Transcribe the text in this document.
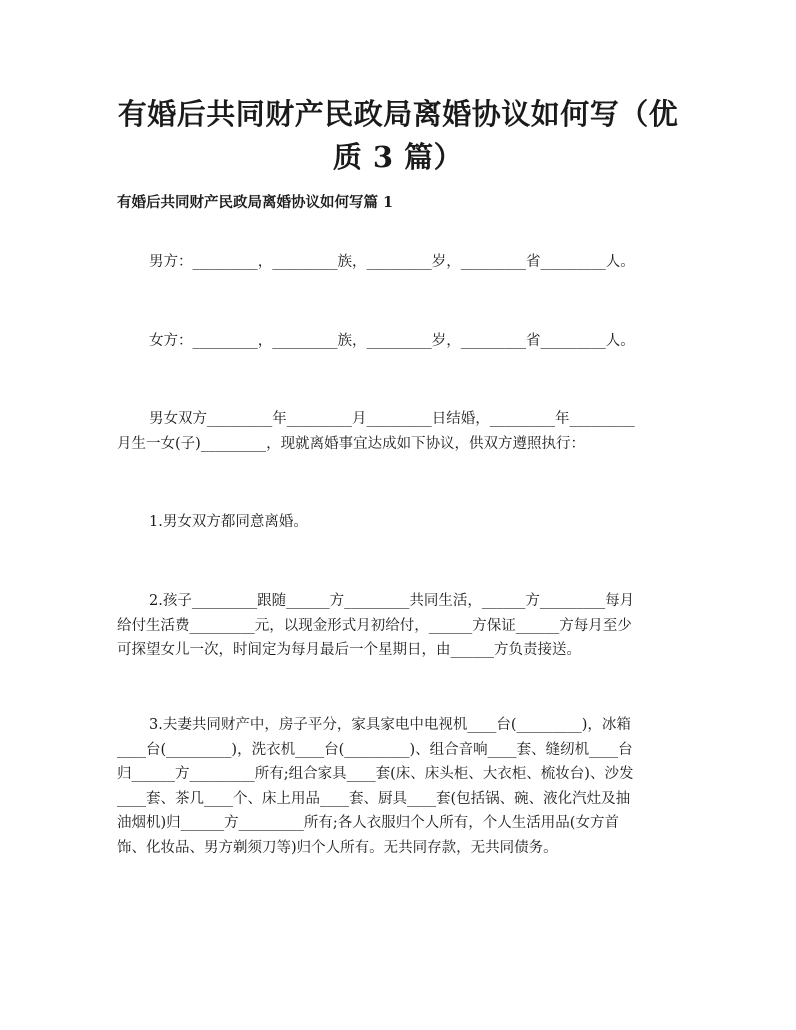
有婚后共同财产民政局离婚协议如何写（优
质 3 篇）
有婚后共同财产民政局离婚协议如何写篇 1

男方：_________，_________族，_________岁，_________省_________人。

女方：_________，_________族，_________岁，_________省_________人。

男女双方_________年_________月_________日结婚，_________年_________
月生一女(子)_________，现就离婚事宜达成如下协议，供双方遵照执行：

1.男女双方都同意离婚。

2.孩子_________跟随______方_________共同生活，______方_________每月
给付生活费_________元，以现金形式月初给付，______方保证______方每月至少
可探望女儿一次，时间定为每月最后一个星期日，由______方负责接送。

3.夫妻共同财产中，房子平分，家具家电中电视机____台(_________)，冰箱
____台(_________)，洗衣机____台(_________)、组合音响____套、缝纫机____台
归______方_________所有;组合家具____套(床、床头柜、大衣柜、梳妆台)、沙发
____套、茶几____个、床上用品____套、厨具____套(包括锅、碗、液化汽灶及抽
油烟机)归______方_________所有;各人衣服归个人所有，个人生活用品(女方首
饰、化妆品、男方剃须刀等)归个人所有。无共同存款，无共同债务。
